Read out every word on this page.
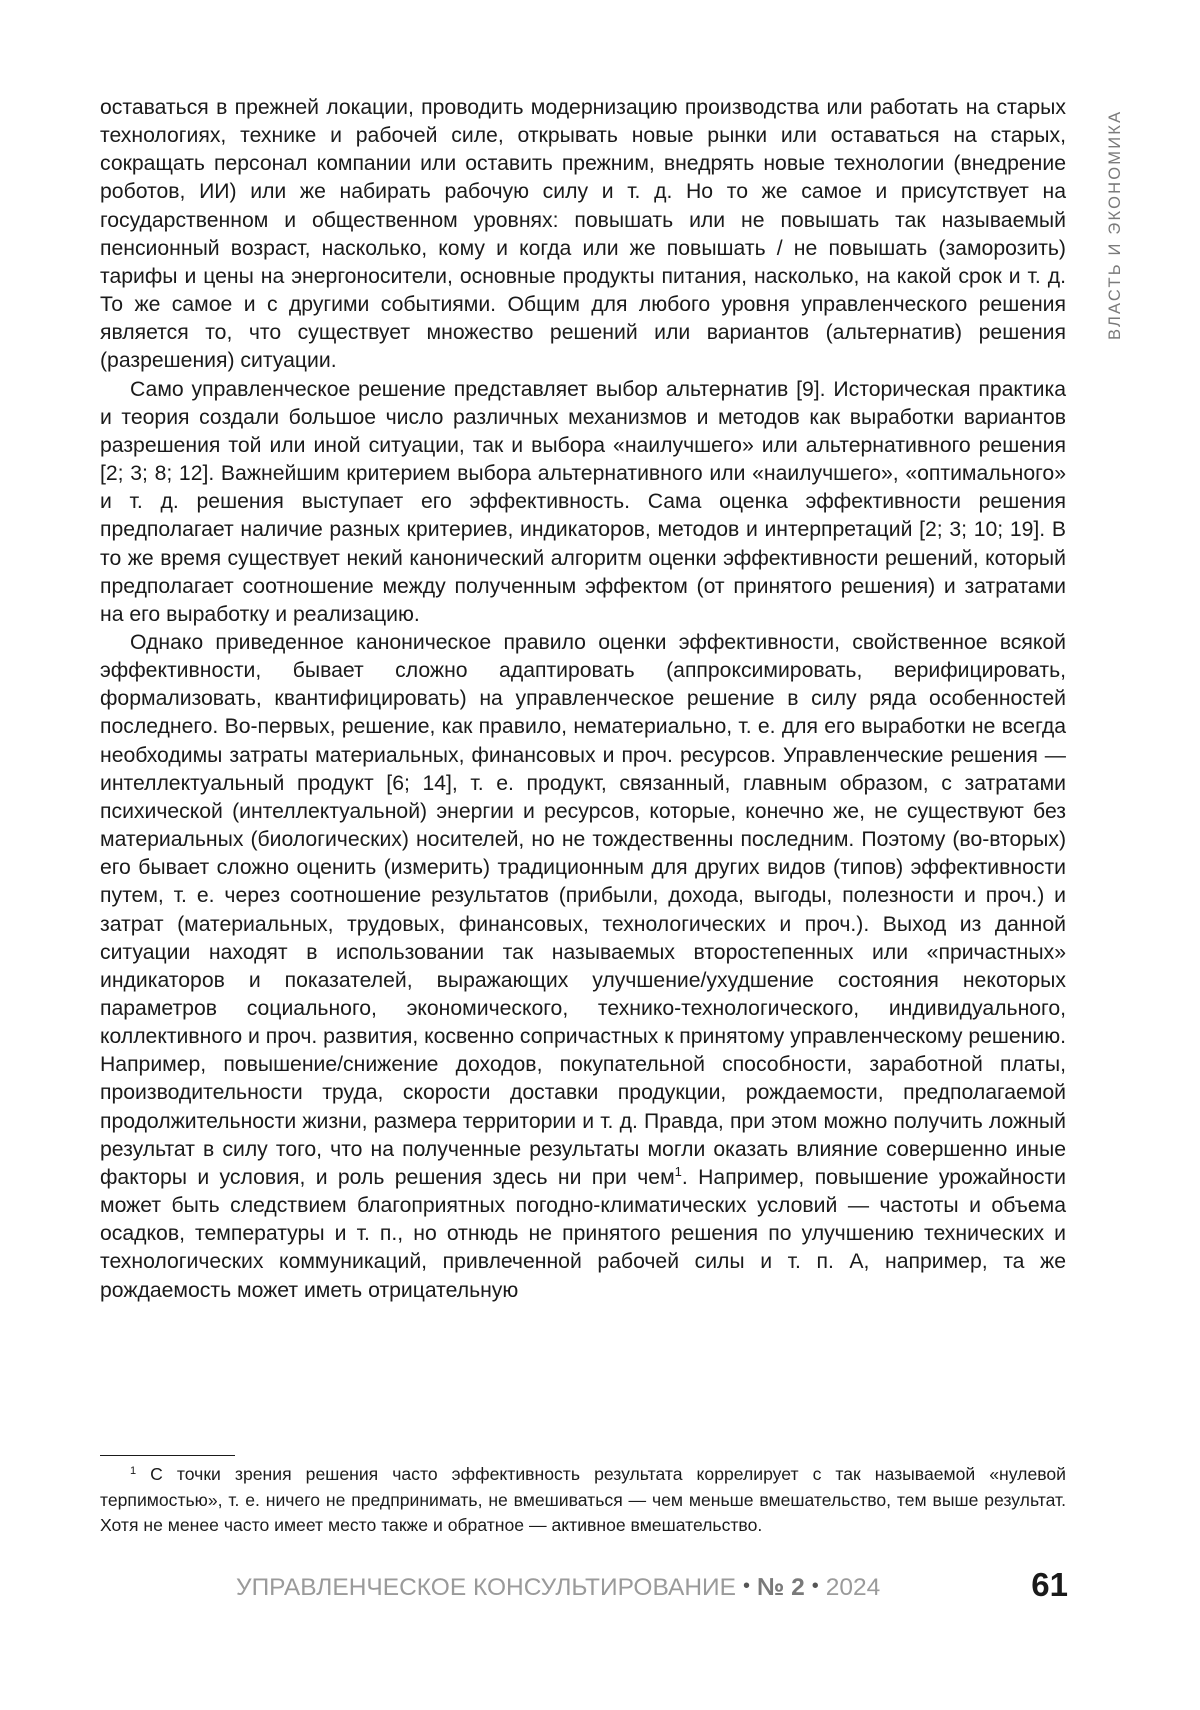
ВЛАСТЬ И ЭКОНОМИКА

оставаться в прежней локации, проводить модернизацию производства или работать на старых технологиях, технике и рабочей силе, открывать новые рынки или оставаться на старых, сокращать персонал компании или оставить прежним, внедрять новые технологии (внедрение роботов, ИИ) или же набирать рабочую силу и т. д. Но то же самое и присутствует на государственном и общественном уровнях: повышать или не повышать так называемый пенсионный возраст, насколько, кому и когда или же повышать / не повышать (заморозить) тарифы и цены на энергоносители, основные продукты питания, насколько, на какой срок и т. д. То же самое и с другими событиями. Общим для любого уровня управленческого решения является то, что существует множество решений или вариантов (альтернатив) решения (разрешения) ситуации.

Само управленческое решение представляет выбор альтернатив [9]. Историческая практика и теория создали большое число различных механизмов и методов как выработки вариантов разрешения той или иной ситуации, так и выбора «наилучшего» или альтернативного решения [2; 3; 8; 12]. Важнейшим критерием выбора альтернативного или «наилучшего», «оптимального» и т. д. решения выступает его эффективность. Сама оценка эффективности решения предполагает наличие разных критериев, индикаторов, методов и интерпретаций [2; 3; 10; 19]. В то же время существует некий канонический алгоритм оценки эффективности решений, который предполагает соотношение между полученным эффектом (от принятого решения) и затратами на его выработку и реализацию.

Однако приведенное каноническое правило оценки эффективности, свойственное всякой эффективности, бывает сложно адаптировать (аппроксимировать, верифицировать, формализовать, квантифицировать) на управленческое решение в силу ряда особенностей последнего. Во-первых, решение, как правило, нематериально, т. е. для его выработки не всегда необходимы затраты материальных, финансовых и проч. ресурсов. Управленческие решения — интеллектуальный продукт [6; 14], т. е. продукт, связанный, главным образом, с затратами психической (интеллектуальной) энергии и ресурсов, которые, конечно же, не существуют без материальных (биологических) носителей, но не тождественны последним. Поэтому (во-вторых) его бывает сложно оценить (измерить) традиционным для других видов (типов) эффективности путем, т. е. через соотношение результатов (прибыли, дохода, выгоды, полезности и проч.) и затрат (материальных, трудовых, финансовых, технологических и проч.). Выход из данной ситуации находят в использовании так называемых второстепенных или «причастных» индикаторов и показателей, выражающих улучшение/ухудшение состояния некоторых параметров социального, экономического, технико-технологического, индивидуального, коллективного и проч. развития, косвенно сопричастных к принятому управленческому решению. Например, повышение/снижение доходов, покупательной способности, заработной платы, производительности труда, скорости доставки продукции, рождаемости, предполагаемой продолжительности жизни, размера территории и т. д. Правда, при этом можно получить ложный результат в силу того, что на полученные результаты могли оказать влияние совершенно иные факторы и условия, и роль решения здесь ни при чем1. Например, повышение урожайности может быть следствием благоприятных погодно-климатических условий — частоты и объема осадков, температуры и т. п., но отнюдь не принятого решения по улучшению технических и технологических коммуникаций, привлеченной рабочей силы и т. п. А, например, та же рождаемость может иметь отрицательную

1 С точки зрения решения часто эффективность результата коррелирует с так называемой «нулевой терпимостью», т. е. ничего не предпринимать, не вмешиваться — чем меньше вмешательство, тем выше результат. Хотя не менее часто имеет место также и обратное — активное вмешательство.

УПРАВЛЕНЧЕСКОЕ КОНСУЛЬТИРОВАНИЕ • № 2 • 2024	61
